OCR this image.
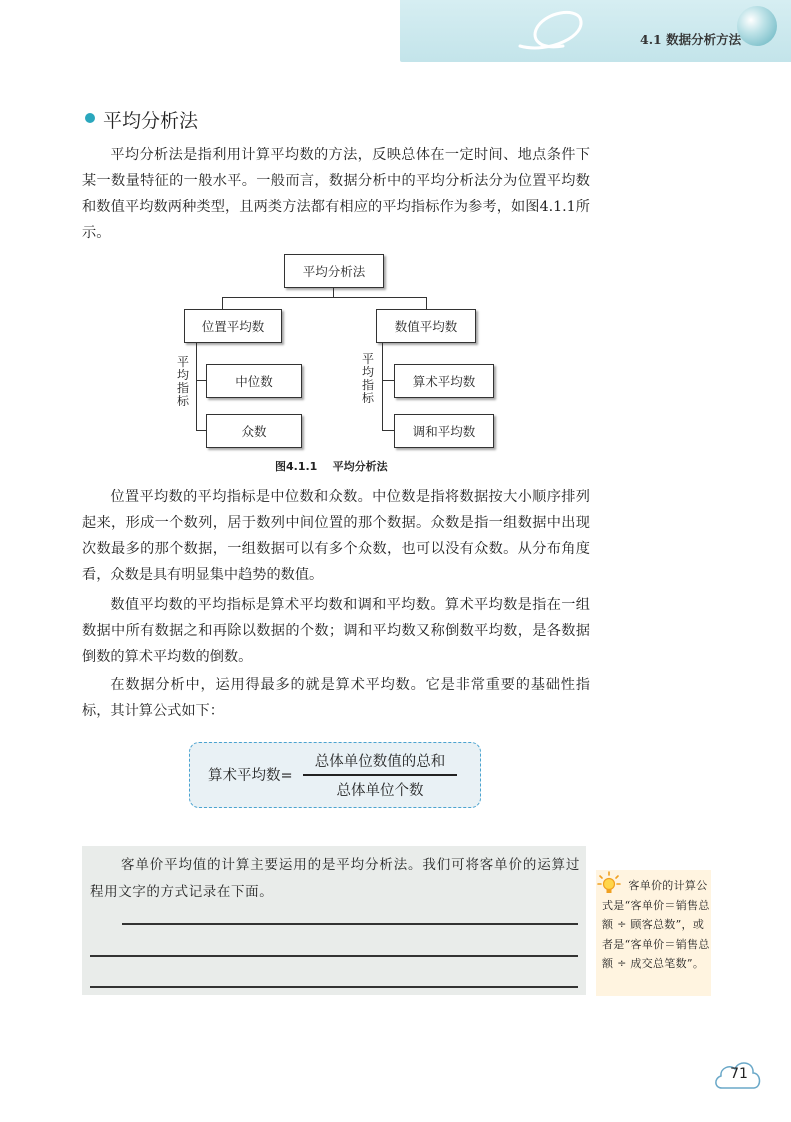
4.1 数据分析方法
平均分析法

平均分析法是指利用计算平均数的方法，反映总体在一定时间、地点条件下某一数量特征的一般水平。一般而言，数据分析中的平均分析法分为位置平均数和数值平均数两种类型，且两类方法都有相应的平均指标作为参考，如图4.1.1所示。

平均分析法
位置平均数	数值平均数
平均指标
平均指标
中位数
众数
算术平均数
调和平均数
图4.1.1    平均分析法

位置平均数的平均指标是中位数和众数。中位数是指将数据按大小顺序排列起来，形成一个数列，居于数列中间位置的那个数据。众数是指一组数据中出现次数最多的那个数据，一组数据可以有多个众数，也可以没有众数。从分布角度看，众数是具有明显集中趋势的数值。

数值平均数的平均指标是算术平均数和调和平均数。算术平均数是指在一组数据中所有数据之和再除以数据的个数；调和平均数又称倒数平均数，是各数据倒数的算术平均数的倒数。

在数据分析中，运用得最多的就是算术平均数。它是非常重要的基础性指标，其计算公式如下：

算术平均数=
总体单位数值的总和
总体单位个数

客单价平均值的计算主要运用的是平均分析法。我们可将客单价的运算过程用文字的方式记录在下面。	客单价的计算公式是“客单价＝销售总额 ÷ 顾客总数”，或者是“客单价＝销售总额 ÷ 成交总笔数”。

71
